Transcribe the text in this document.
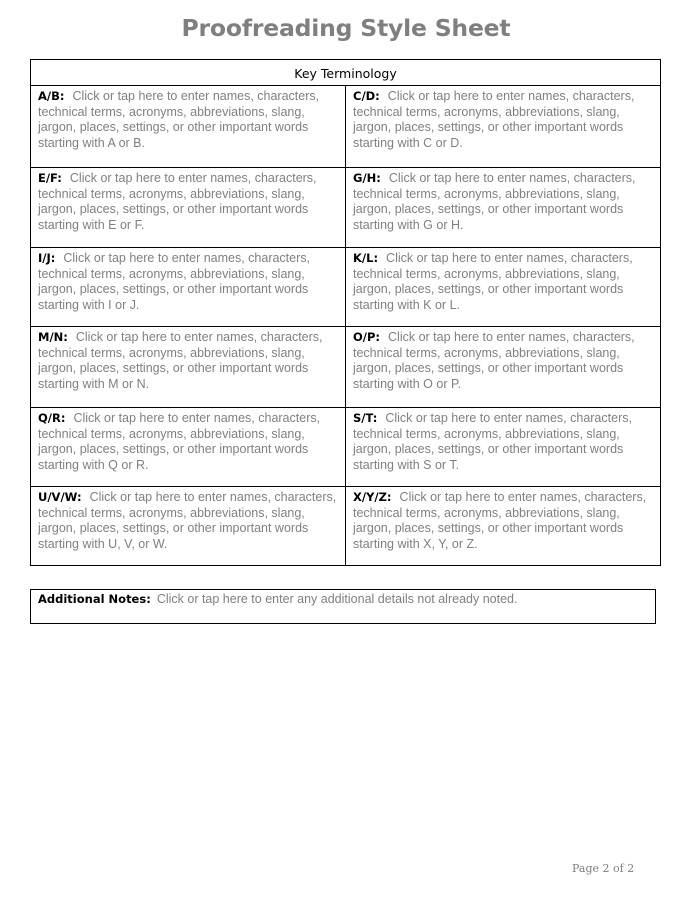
Proofreading Style Sheet
Key Terminology	
A/B: Click or tap here to enter names, characters, technical terms, acronyms, abbreviations, slang, jargon, places, settings, or other important words starting with A or B.	C/D: Click or tap here to enter names, characters, technical terms, acronyms, abbreviations, slang, jargon, places, settings, or other important words starting with C or D.
E/F: Click or tap here to enter names, characters, technical terms, acronyms, abbreviations, slang, jargon, places, settings, or other important words starting with E or F.	G/H: Click or tap here to enter names, characters, technical terms, acronyms, abbreviations, slang, jargon, places, settings, or other important words starting with G or H.
I/J: Click or tap here to enter names, characters, technical terms, acronyms, abbreviations, slang, jargon, places, settings, or other important words starting with I or J.	K/L: Click or tap here to enter names, characters, technical terms, acronyms, abbreviations, slang, jargon, places, settings, or other important words starting with K or L.
M/N: Click or tap here to enter names, characters, technical terms, acronyms, abbreviations, slang, jargon, places, settings, or other important words starting with M or N.	O/P: Click or tap here to enter names, characters, technical terms, acronyms, abbreviations, slang, jargon, places, settings, or other important words starting with O or P.
Q/R: Click or tap here to enter names, characters, technical terms, acronyms, abbreviations, slang, jargon, places, settings, or other important words starting with Q or R.	S/T: Click or tap here to enter names, characters, technical terms, acronyms, abbreviations, slang, jargon, places, settings, or other important words starting with S or T.
U/V/W: Click or tap here to enter names, characters, technical terms, acronyms, abbreviations, slang, jargon, places, settings, or other important words starting with U, V, or W.	X/Y/Z: Click or tap here to enter names, characters, technical terms, acronyms, abbreviations, slang, jargon, places, settings, or other important words starting with X, Y, or Z.
Additional Notes: Click or tap here to enter any additional details not already noted.
Page 2 of 2
